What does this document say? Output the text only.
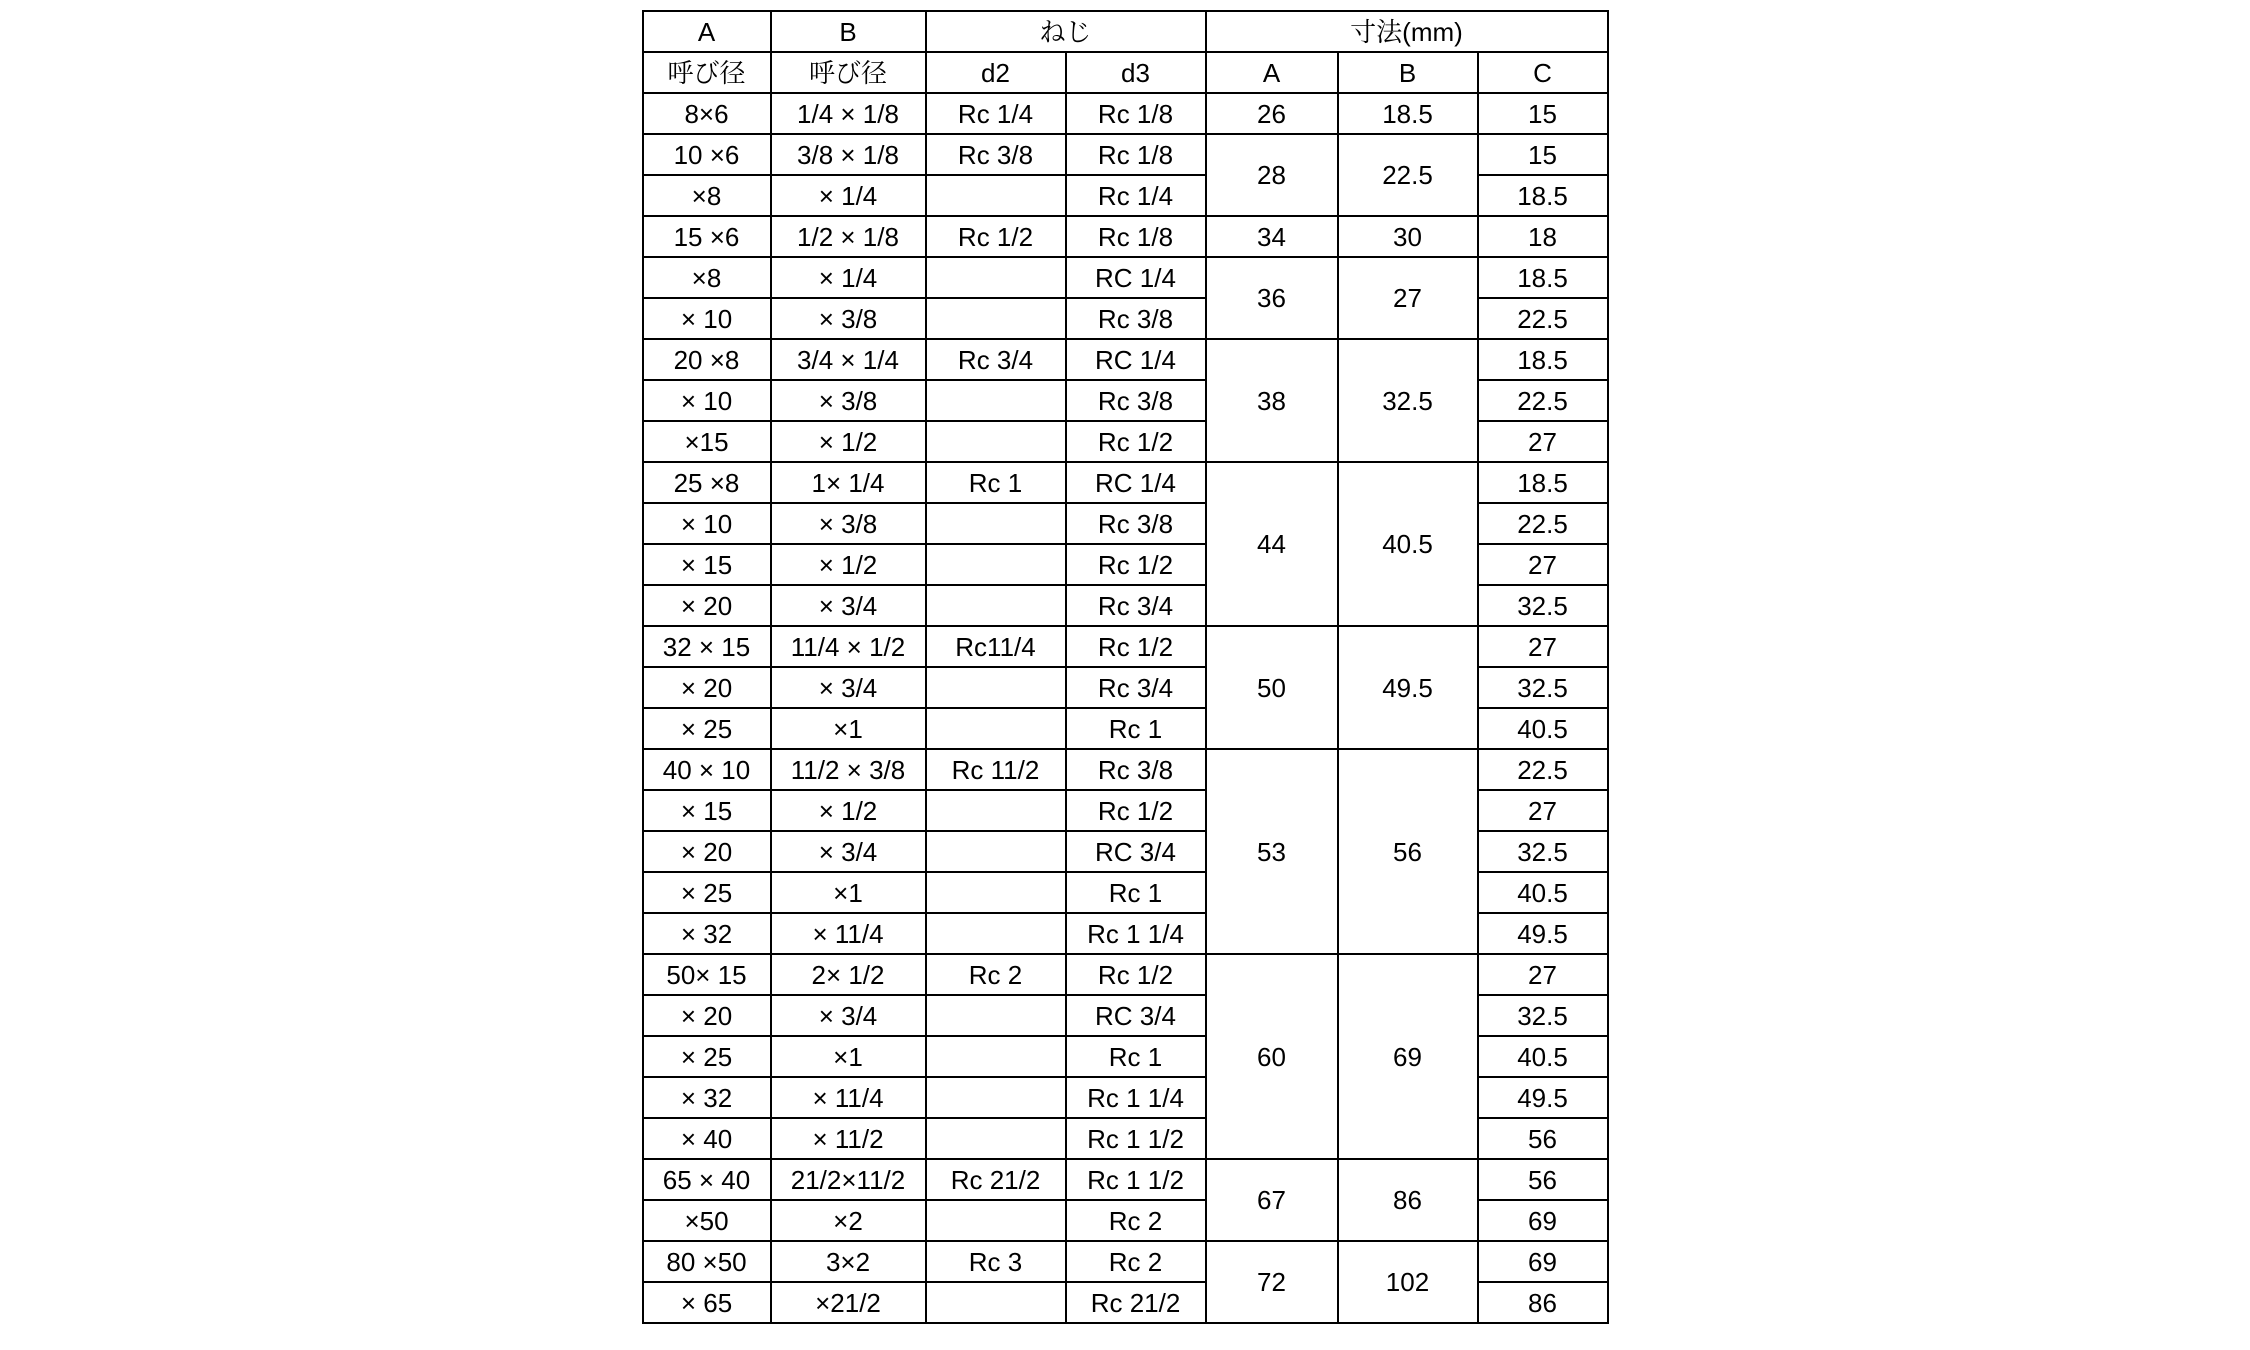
A	B	ねじ		寸法(mm)		
呼び径	呼び径	d2	d3	A	B	C
8×6	1/4 × 1/8	Rc 1/4	Rc 1/8	26	18.5	15
10 ×6	3/8 × 1/8	Rc 3/8	Rc 1/8	28	22.5	15
×8	× 1/4		Rc 1/4			18.5
15 ×6	1/2 × 1/8	Rc 1/2	Rc 1/8	34	30	18
×8	× 1/4		RC 1/4	36	27	18.5
× 10	× 3/8		Rc 3/8			22.5
20 ×8	3/4 × 1/4	Rc 3/4	RC 1/4	38	32.5	18.5
× 10	× 3/8		Rc 3/8			22.5
×15	× 1/2		Rc 1/2			27
25 ×8	1× 1/4	Rc 1	RC 1/4	44	40.5	18.5
× 10	× 3/8		Rc 3/8			22.5
× 15	× 1/2		Rc 1/2			27
× 20	× 3/4		Rc 3/4			32.5
32 × 15	11/4 × 1/2	Rc11/4	Rc 1/2	50	49.5	27
× 20	× 3/4		Rc 3/4			32.5
× 25	×1		Rc 1			40.5
40 × 10	11/2 × 3/8	Rc 11/2	Rc 3/8	53	56	22.5
× 15	× 1/2		Rc 1/2			27
× 20	× 3/4		RC 3/4			32.5
× 25	×1		Rc 1			40.5
× 32	× 11/4		Rc 1 1/4			49.5
50× 15	2× 1/2	Rc 2	Rc 1/2	60	69	27
× 20	× 3/4		RC 3/4			32.5
× 25	×1		Rc 1			40.5
× 32	× 11/4		Rc 1 1/4			49.5
× 40	× 11/2		Rc 1 1/2			56
65 × 40	21/2×11/2	Rc 21/2	Rc 1 1/2	67	86	56
×50	×2		Rc 2			69
80 ×50	3×2	Rc 3	Rc 2	72	102	69
× 65	×21/2		Rc 21/2			86
